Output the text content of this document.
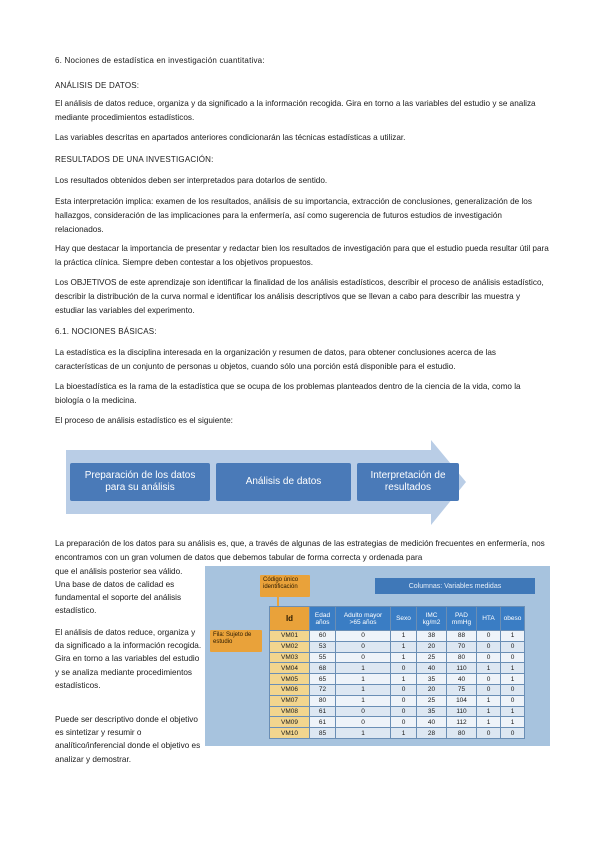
6. Nociones de estadística en investigación cuantitativa:
ANÁLISIS DE DATOS:
El análisis de datos reduce, organiza y da significado a la información recogida. Gira en torno a las variables del estudio y se analiza mediante procedimientos estadísticos.
Las variables descritas en apartados anteriores condicionarán las técnicas estadísticas a utilizar.
RESULTADOS DE UNA INVESTIGACIÓN:
Los resultados obtenidos deben ser interpretados para dotarlos de sentido.
Esta interpretación implica: examen de los resultados, análisis de su importancia, extracción de conclusiones, generalización de los hallazgos, consideración de las implicaciones para la enfermería, así como sugerencia de futuros estudios de investigación relacionados.
Hay que destacar la importancia de presentar y redactar bien los resultados de investigación para que el estudio pueda resultar útil para la práctica clínica. Siempre deben contestar a los objetivos propuestos.
Los OBJETIVOS de este aprendizaje son identificar la finalidad de los análisis estadísticos, describir el proceso de análisis estadístico, describir la distribución de la curva normal e identificar los análisis descriptivos que se llevan a cabo para describir las muestra y estudiar las variables del experimento.
6.1. NOCIONES BÁSICAS:
La estadística es la disciplina interesada en la organización y resumen de datos, para obtener conclusiones acerca de las características de un conjunto de personas u objetos, cuando sólo una porción está disponible para el estudio.
La bioestadística es la rama de la estadística que se ocupa de los problemas planteados dentro de la ciencia de la vida, como la biología o la medicina.
El proceso de análisis estadístico es el siguiente:
Preparación de los datos para su análisis
Análisis de datos
Interpretación de resultados
La preparación de los datos para su análisis es, que, a través de algunas de las estrategias de medición frecuentes en enfermería, nos encontramos con un gran volumen de datos que debemos tabular de forma correcta y ordenada para
que el análisis posterior sea válido.
Una base de datos de calidad es fundamental el soporte del análisis estadístico.
El análisis de datos reduce, organiza y da significado a la información recogida. Gira en torno a las variables del estudio y se analiza mediante procedimientos estadísticos.
Puede ser descriptivo donde el objetivo es sintetizar y resumir o analítico/inferencial donde el objetivo es analizar y demostrar.
Código único identificación
Fila: Sujeto de estudio
Columnas: Variables medidas
Id	Edad años	Adulto mayor >65 años	Sexo	IMC kg/m2	PAD mmHg	HTA	obeso
VM01	60	0	1	38	88	0	1
VM02	53	0	1	20	70	0	0
VM03	55	0	1	25	80	0	0
VM04	68	1	0	40	110	1	1
VM05	65	1	1	35	40	0	1
VM06	72	1	0	20	75	0	0
VM07	80	1	0	25	104	1	0
VM08	61	0	0	35	110	1	1
VM09	61	0	0	40	112	1	1
VM10	85	1	1	28	80	0	0
